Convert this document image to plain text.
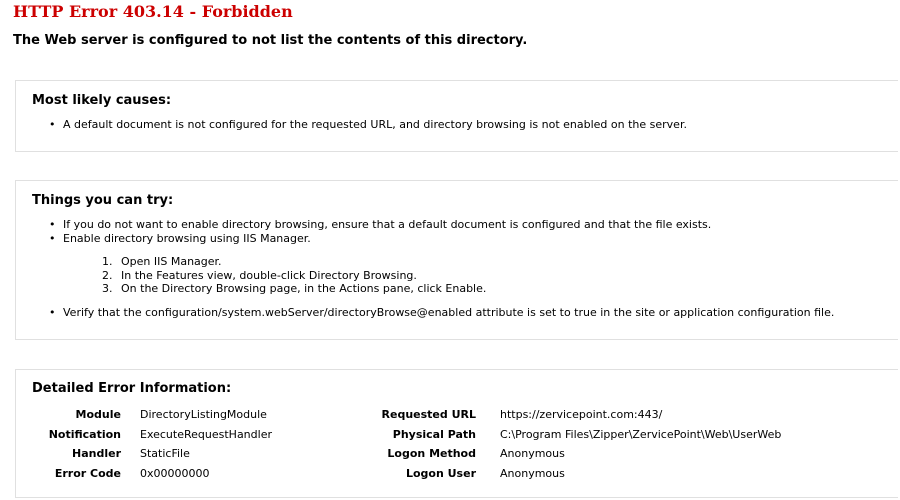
HTTP Error 403.14 - Forbidden
The Web server is configured to not list the contents of this directory.
Most likely causes:
• A default document is not configured for the requested URL, and directory browsing is not enabled on the server.
Things you can try:
• If you do not want to enable directory browsing, ensure that a default document is configured and that the file exists.
• Enable directory browsing using IIS Manager.
1. Open IIS Manager.
2. In the Features view, double-click Directory Browsing.
3. On the Directory Browsing page, in the Actions pane, click Enable.
• Verify that the configuration/system.webServer/directoryBrowse@enabled attribute is set to true in the site or application configuration file.
Detailed Error Information:
Module DirectoryListingModule
Notification ExecuteRequestHandler
Handler StaticFile
Error Code 0x00000000
Requested URL https://zervicepoint.com:443/
Physical Path C:\Program Files\Zipper\ZervicePoint\Web\UserWeb
Logon Method Anonymous
Logon User Anonymous
